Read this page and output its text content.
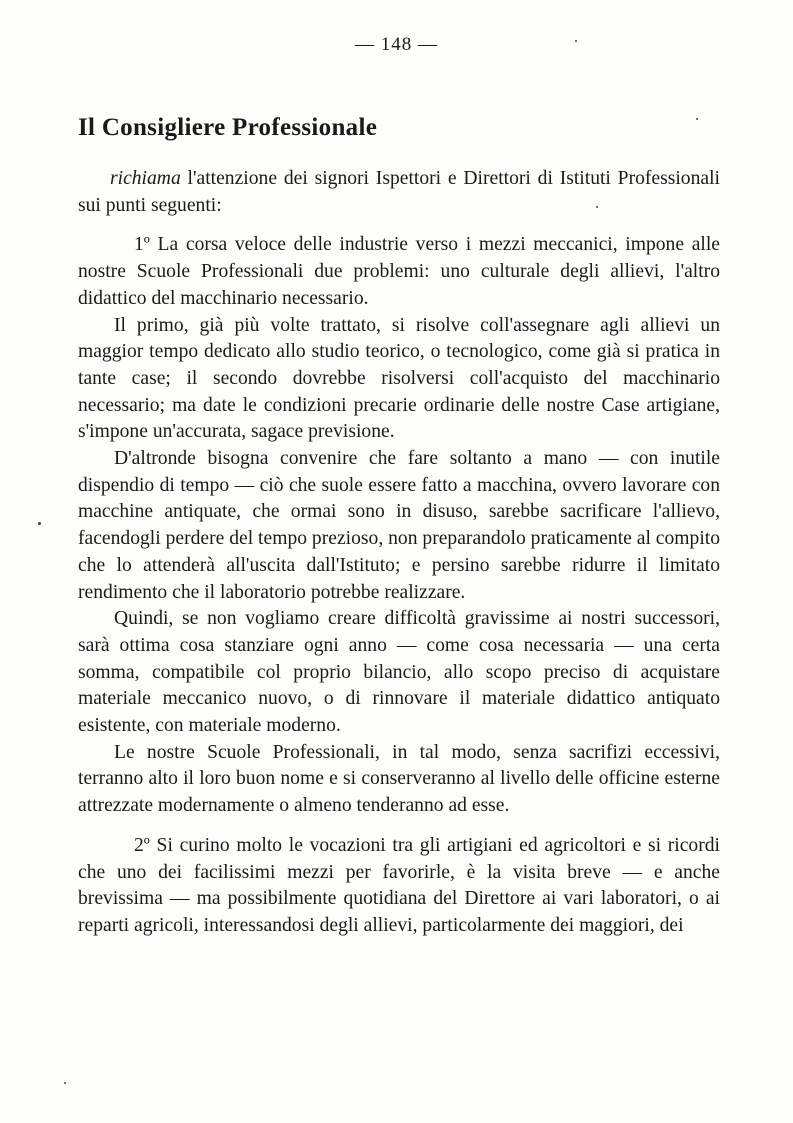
— 148 —
Il Consigliere Professionale

richiama l'attenzione dei signori Ispettori e Direttori di Istituti Professionali sui punti seguenti:

1º La corsa veloce delle industrie verso i mezzi meccanici, impone alle nostre Scuole Professionali due problemi: uno culturale degli allievi, l'altro didattico del macchinario necessario.

Il primo, già più volte trattato, si risolve coll'assegnare agli allievi un maggior tempo dedicato allo studio teorico, o tecnologico, come già si pratica in tante case; il secondo dovrebbe risolversi coll'acquisto del macchinario necessario; ma date le condizioni precarie ordinarie delle nostre Case artigiane, s'impone un'accurata, sagace previsione.

D'altronde bisogna convenire che fare soltanto a mano — con inutile dispendio di tempo — ciò che suole essere fatto a macchina, ovvero lavorare con macchine antiquate, che ormai sono in disuso, sarebbe sacrificare l'allievo, facendogli perdere del tempo prezioso, non preparandolo praticamente al compito che lo attenderà all'uscita dall'Istituto; e persino sarebbe ridurre il limitato rendimento che il laboratorio potrebbe realizzare.

Quindi, se non vogliamo creare difficoltà gravissime ai nostri successori, sarà ottima cosa stanziare ogni anno — come cosa necessaria — una certa somma, compatibile col proprio bilancio, allo scopo preciso di acquistare materiale meccanico nuovo, o di rinnovare il materiale didattico antiquato esistente, con materiale moderno.

Le nostre Scuole Professionali, in tal modo, senza sacrifizi eccessivi, terranno alto il loro buon nome e si conserveranno al livello delle officine esterne attrezzate modernamente o almeno tenderanno ad esse.

2º Si curino molto le vocazioni tra gli artigiani ed agricoltori e si ricordi che uno dei facilissimi mezzi per favorirle, è la visita breve — e anche brevissima — ma possibilmente quotidiana del Direttore ai vari laboratori, o ai reparti agricoli, interessandosi degli allievi, particolarmente dei maggiori, dei
